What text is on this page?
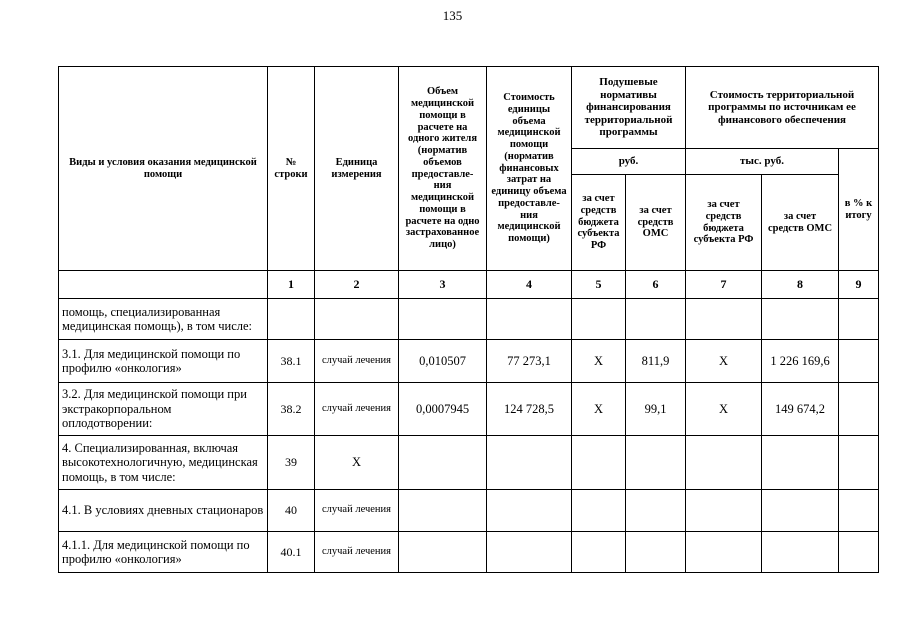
135
Виды и условия оказания медицинской помощи	№ строки	Единица измерения	Объем медицинской помощи в расчете на одного жителя (норматив объемов предоставле- ния медицинской помощи в расчете на одно застрахованное лицо)	Стоимость единицы объема медицинской помощи (норматив финансовых затрат на единицу объема предоставле- ния медицинской помощи)	Подушевые нормативы финансирования территориальной программы		Стоимость территориальной программы по источникам ее финансового обеспечения		
					руб.		тыс. руб.		в % к итогу
					за счет средств бюджета субъекта РФ	за счет средств ОМС	за счет средств бюджета субъекта РФ	за счет средств ОМС	
	1	2	3	4	5	6	7	8	9
помощь, специализированная медицинская помощь), в том числе:									
3.1. Для медицинской помощи по профилю «онкология»	38.1	случай лечения	0,010507	77 273,1	Х	811,9	Х	1 226 169,6	
3.2. Для медицинской помощи при экстракорпоральном оплодотворении:	38.2	случай лечения	0,0007945	124 728,5	Х	99,1	Х	149 674,2	
4. Специализированная, включая высокотехнологичную, медицинская помощь, в том числе:	39	Х							
4.1. В условиях дневных стационаров	40	случай лечения							
4.1.1. Для медицинской помощи по профилю «онкология»	40.1	случай лечения							
